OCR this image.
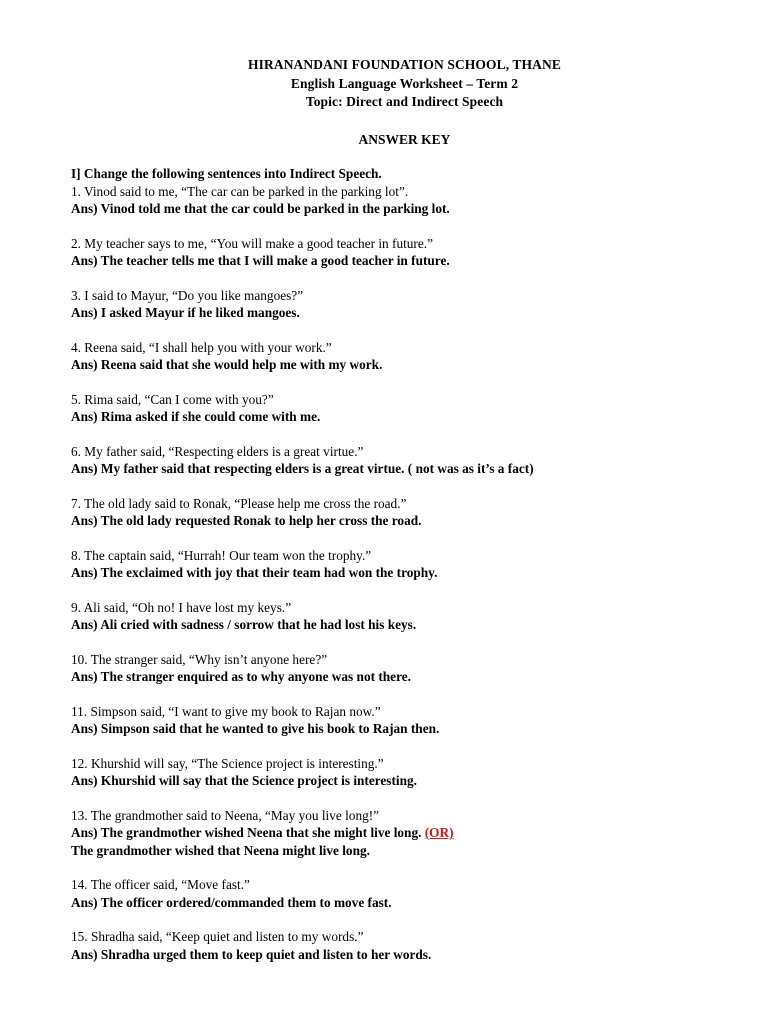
HIRANANDANI FOUNDATION SCHOOL, THANE
English Language Worksheet – Term 2
Topic: Direct and Indirect Speech
ANSWER KEY
I] Change the following sentences into Indirect Speech.
1. Vinod said to me, “The car can be parked in the parking lot”.
Ans) Vinod told me that the car could be parked in the parking lot.
2. My teacher says to me, “You will make a good teacher in future.”
Ans) The teacher tells me that I will make a good teacher in future.
3. I said to Mayur, “Do you like mangoes?”
Ans) I asked Mayur if he liked mangoes.
4. Reena said, “I shall help you with your work.”
Ans) Reena said that she would help me with my work.
5. Rima said, “Can I come with you?”
Ans) Rima asked if she could come with me.
6. My father said, “Respecting elders is a great virtue.”
Ans) My father said that respecting elders is a great virtue. ( not was as it’s a fact)
7. The old lady said to Ronak, “Please help me cross the road.”
Ans) The old lady requested Ronak to help her cross the road.
8. The captain said, “Hurrah! Our team won the trophy.”
Ans) The exclaimed with joy that their team had won the trophy.
9. Ali said, “Oh no! I have lost my keys.”
Ans) Ali cried with sadness / sorrow that he had lost his keys.
10. The stranger said, “Why isn’t anyone here?”
Ans) The stranger enquired as to why anyone was not there.
11. Simpson said, “I want to give my book to Rajan now.”
Ans) Simpson said that he wanted to give his book to Rajan then.
12. Khurshid will say, “The Science project is interesting.”
Ans) Khurshid will say that the Science project is interesting.
13. The grandmother said to Neena, “May you live long!”
Ans) The grandmother wished Neena that she might live long. (OR)
The grandmother wished that Neena might live long.
14. The officer said, “Move fast.”
Ans) The officer ordered/commanded them to move fast.
15. Shradha said, “Keep quiet and listen to my words.”
Ans) Shradha urged them to keep quiet and listen to her words.
